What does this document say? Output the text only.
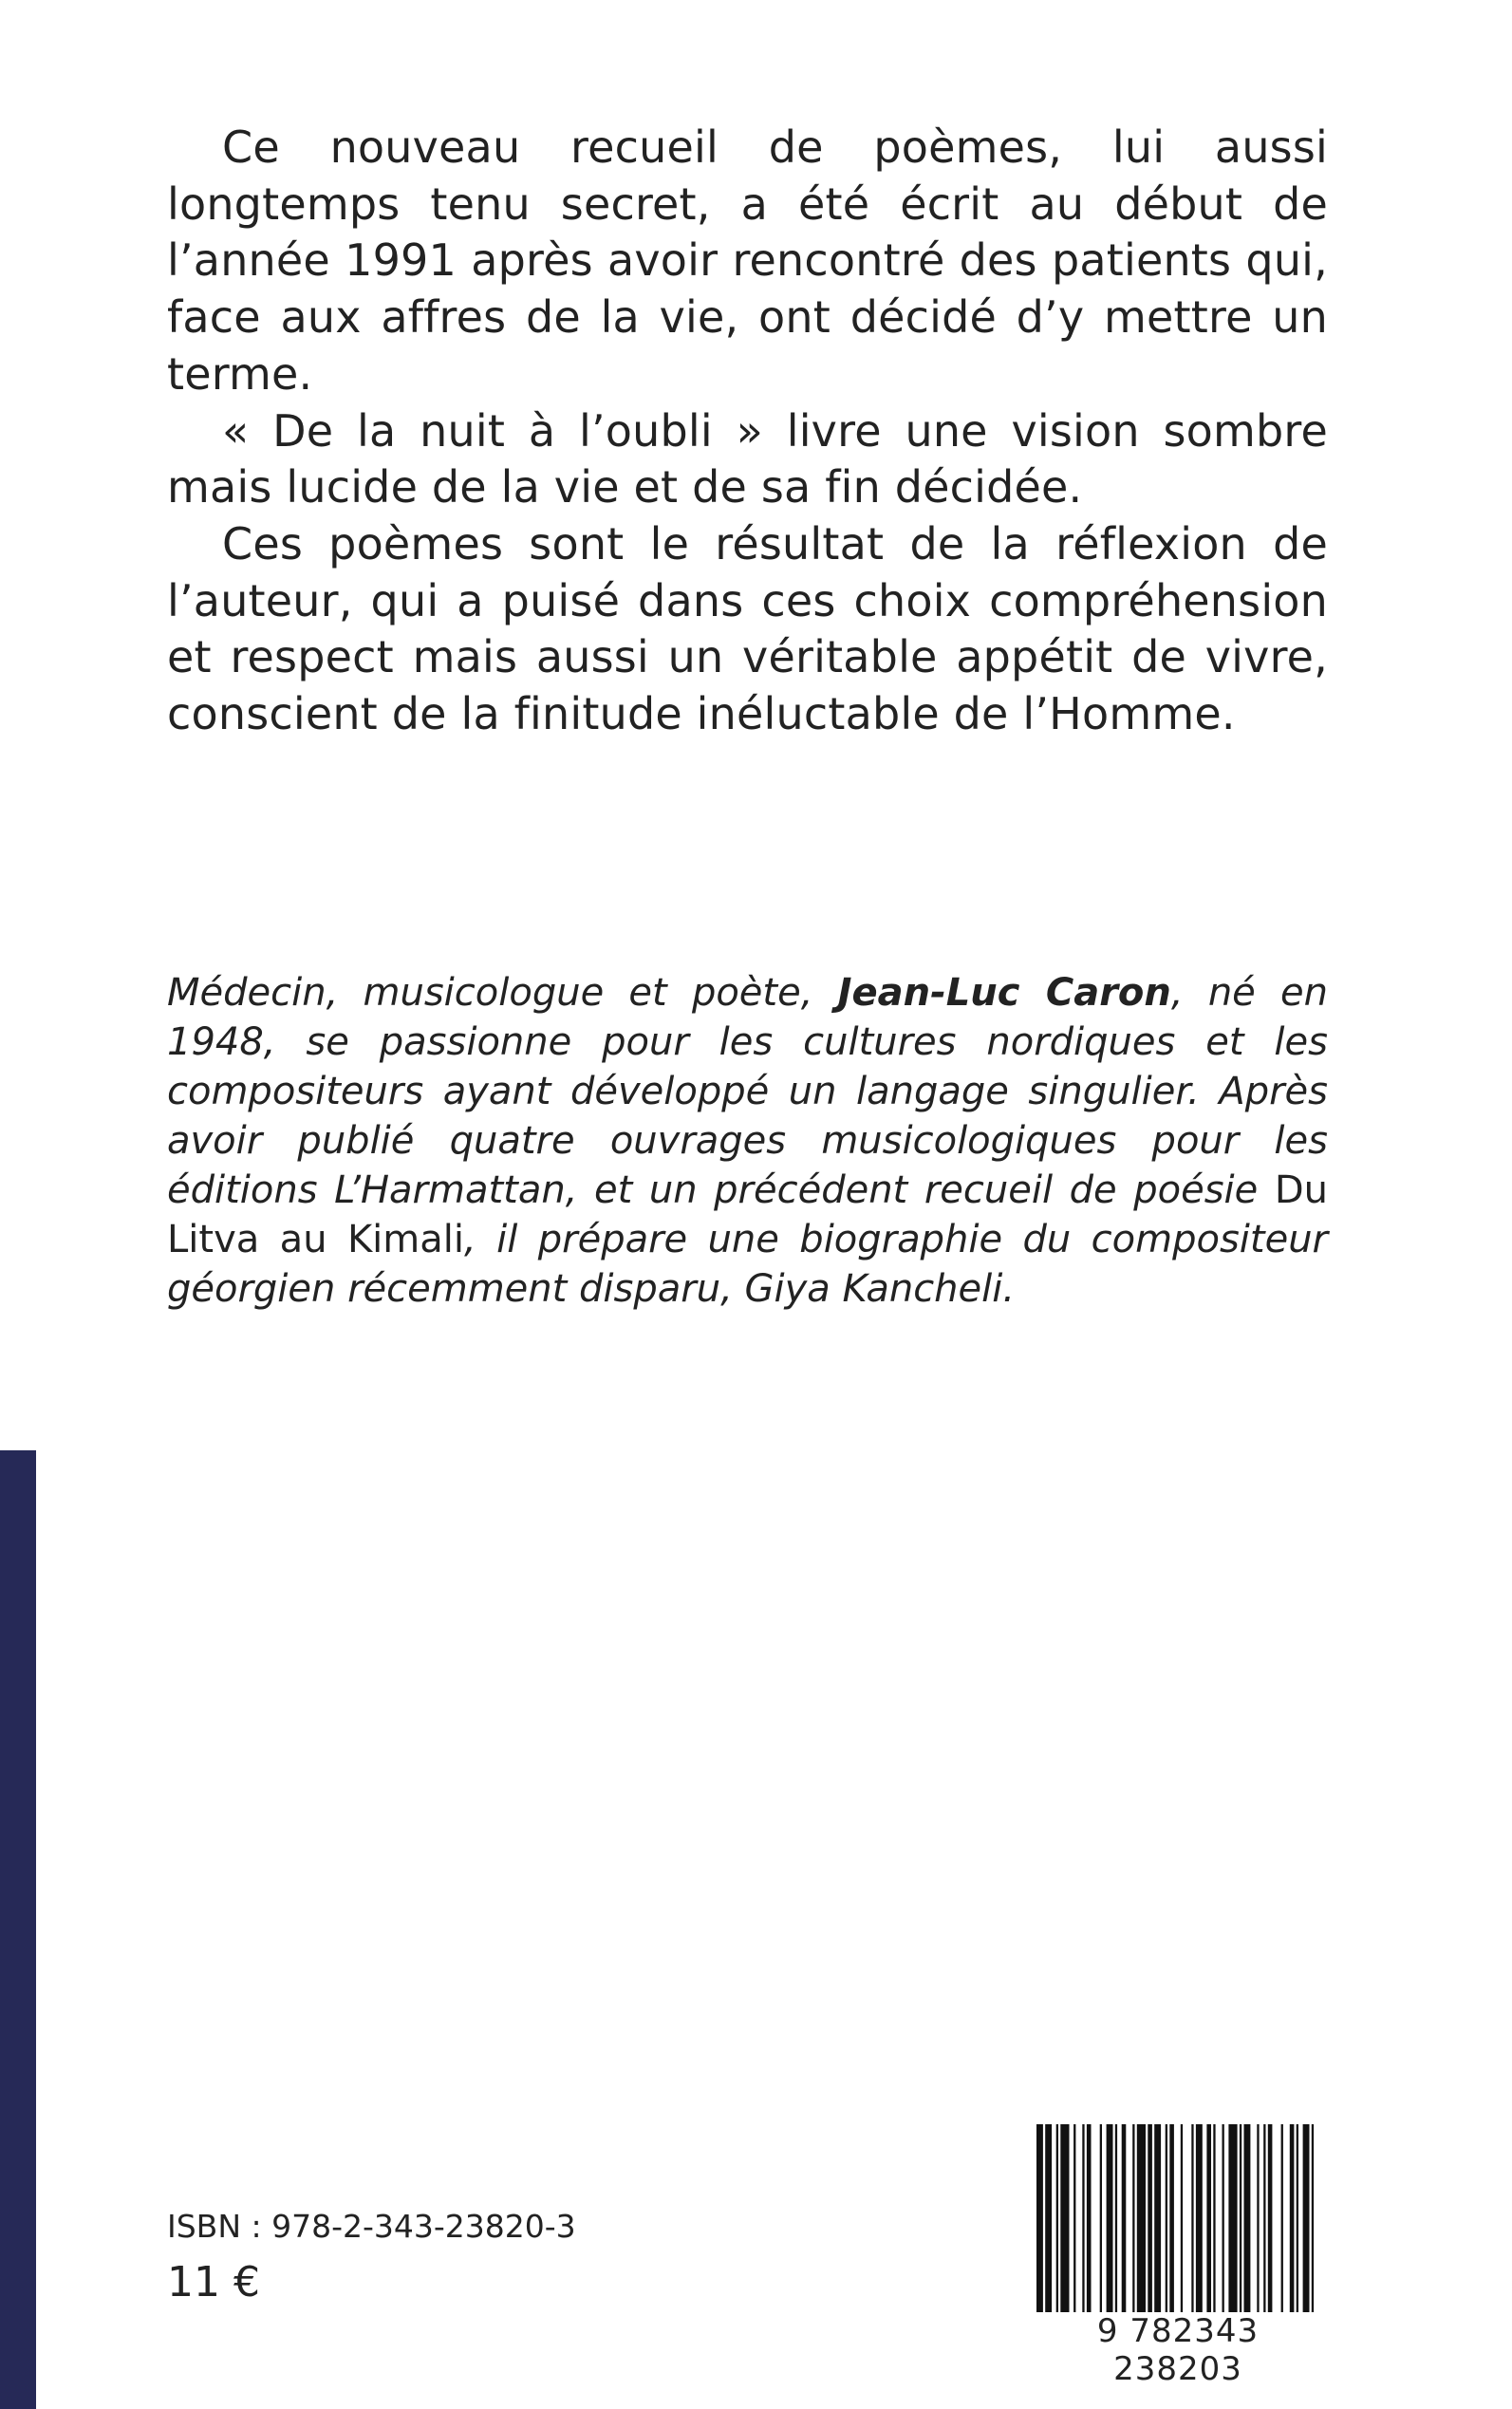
Ce nouveau recueil de poèmes, lui aussi longtemps tenu secret, a été écrit au début de l’année 1991 après avoir rencontré des patients qui, face aux affres de la vie, ont décidé d’y mettre un terme.

« De la nuit à l’oubli » livre une vision sombre mais lucide de la vie et de sa fin décidée.

Ces poèmes sont le résultat de la réflexion de l’auteur, qui a puisé dans ces choix compréhension et respect mais aussi un véritable appétit de vivre, conscient de la finitude inéluctable de l’Homme.

Médecin, musicologue et poète, Jean-Luc Caron, né en 1948, se passionne pour les cultures nordiques et les compositeurs ayant développé un langage singulier. Après avoir publié quatre ouvrages musicologiques pour les éditions L’Harmattan, et un précédent recueil de poésie Du Litva au Kimali, il prépare une biographie du compositeur géorgien récemment disparu, Giya Kancheli.

ISBN : 978-2-343-23820-3
11 €
9 782343 238203
